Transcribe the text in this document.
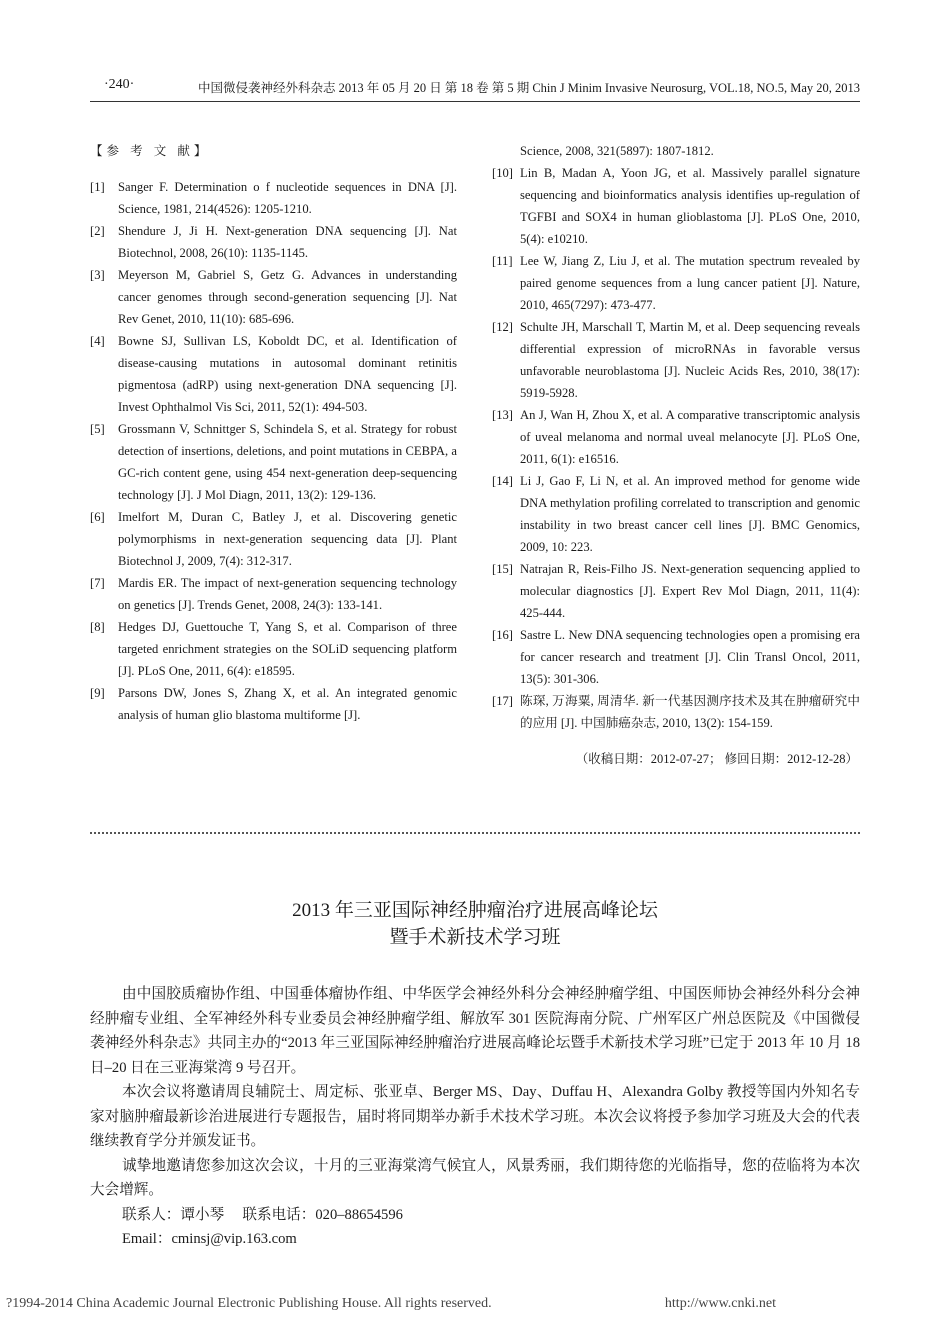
·240·	中国微侵袭神经外科杂志 2013 年 05 月 20 日 第 18 卷 第 5 期 Chin J Minim Invasive Neurosurg, VOL.18, NO.5, May 20, 2013
【参 考 文 献】
[1]	Sanger F. Determination o f nucleotide sequences in DNA [J]. Science, 1981, 214(4526): 1205-1210.
[2]	Shendure J, Ji H. Next-generation DNA sequencing [J]. Nat Biotechnol, 2008, 26(10): 1135-1145.
[3]	Meyerson M, Gabriel S, Getz G. Advances in understanding cancer genomes through second-generation sequencing [J]. Nat Rev Genet, 2010, 11(10): 685-696.
[4]	Bowne SJ, Sullivan LS, Koboldt DC, et al. Identification of disease-causing mutations in autosomal dominant retinitis pigmentosa (adRP) using next-generation DNA sequencing [J]. Invest Ophthalmol Vis Sci, 2011, 52(1): 494-503.
[5]	Grossmann V, Schnittger S, Schindela S, et al. Strategy for robust detection of insertions, deletions, and point mutations in CEBPA, a GC-rich content gene, using 454 next-generation deep-sequencing technology [J]. J Mol Diagn, 2011, 13(2): 129-136.
[6]	Imelfort M, Duran C, Batley J, et al. Discovering genetic polymorphisms in next-generation sequencing data [J]. Plant Biotechnol J, 2009, 7(4): 312-317.
[7]	Mardis ER. The impact of next-generation sequencing technology on genetics [J]. Trends Genet, 2008, 24(3): 133-141.
[8]	Hedges DJ, Guettouche T, Yang S, et al. Comparison of three targeted enrichment strategies on the SOLiD sequencing platform [J]. PLoS One, 2011, 6(4): e18595.
[9]	Parsons DW, Jones S, Zhang X, et al. An integrated genomic analysis of human glio blastoma multiforme [J].
Science, 2008, 321(5897): 1807-1812.
[10] Lin B, Madan A, Yoon JG, et al. Massively parallel signature sequencing and bioinformatics analysis identifies up-regulation of TGFBI and SOX4 in human glioblastoma [J]. PLoS One, 2010, 5(4): e10210.
[11] Lee W, Jiang Z, Liu J, et al. The mutation spectrum revealed by paired genome sequences from a lung cancer patient [J]. Nature, 2010, 465(7297): 473-477.
[12] Schulte JH, Marschall T, Martin M, et al. Deep sequencing reveals differential expression of microRNAs in favorable versus unfavorable neuroblastoma [J]. Nucleic Acids Res, 2010, 38(17): 5919-5928.
[13] An J, Wan H, Zhou X, et al. A comparative transcriptomic analysis of uveal melanoma and normal uveal melanocyte [J]. PLoS One, 2011, 6(1): e16516.
[14] Li J, Gao F, Li N, et al. An improved method for genome wide DNA methylation profiling correlated to transcription and genomic instability in two breast cancer cell lines [J]. BMC Genomics, 2009, 10: 223.
[15] Natrajan R, Reis-Filho JS. Next-generation sequencing applied to molecular diagnostics [J]. Expert Rev Mol Diagn, 2011, 11(4): 425-444.
[16] Sastre L. New DNA sequencing technologies open a promising era for cancer research and treatment [J]. Clin Transl Oncol, 2011, 13(5): 301-306.
[17] 陈琛, 万海粟, 周清华. 新一代基因测序技术及其在肿瘤研究中的应用 [J]. 中国肺癌杂志, 2010, 13(2): 154-159.
（收稿日期：2012-07-27； 修回日期：2012-12-28）
2013 年三亚国际神经肿瘤治疗进展高峰论坛
暨手术新技术学习班
由中国胶质瘤协作组、中国垂体瘤协作组、中华医学会神经外科分会神经肿瘤学组、中国医师协会神经外科分会神经肿瘤专业组、全军神经外科专业委员会神经肿瘤学组、解放军 301 医院海南分院、广州军区广州总医院及《中国微侵袭神经外科杂志》共同主办的“2013 年三亚国际神经肿瘤治疗进展高峰论坛暨手术新技术学习班”已定于 2013 年 10 月 18 日–20 日在三亚海棠湾 9 号召开。
本次会议将邀请周良辅院士、周定标、张亚卓、Berger MS、Day、Duffau H、Alexandra Golby 教授等国内外知名专家对脑肿瘤最新诊治进展进行专题报告，届时将同期举办新手术技术学习班。本次会议将授予参加学习班及大会的代表继续教育学分并颁发证书。
诚挚地邀请您参加这次会议，十月的三亚海棠湾气候宜人，风景秀丽，我们期待您的光临指导，您的莅临将为本次大会增辉。
联系人：谭小琴　 联系电话：020–88654596
Email：cminsj@vip.163.com
?1994-2014 China Academic Journal Electronic Publishing House. All rights reserved.	http://www.cnki.net
